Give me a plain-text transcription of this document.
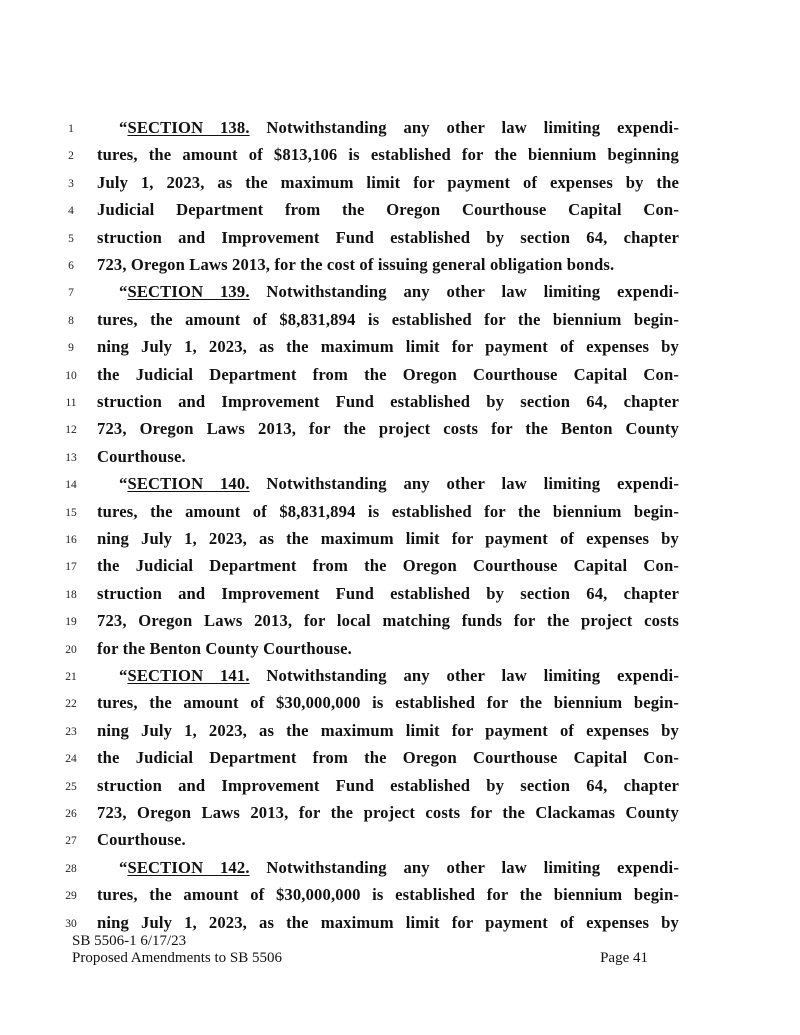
1	“SECTION 138. Notwithstanding any other law limiting expendi-
2	tures, the amount of $813,106 is established for the biennium beginning
3	July 1, 2023, as the maximum limit for payment of expenses by the
4	Judicial Department from the Oregon Courthouse Capital Con-
5	struction and Improvement Fund established by section 64, chapter
6	723, Oregon Laws 2013, for the cost of issuing general obligation bonds.
7	“SECTION 139. Notwithstanding any other law limiting expendi-
8	tures, the amount of $8,831,894 is established for the biennium begin-
9	ning July 1, 2023, as the maximum limit for payment of expenses by
10	the Judicial Department from the Oregon Courthouse Capital Con-
11	struction and Improvement Fund established by section 64, chapter
12	723, Oregon Laws 2013, for the project costs for the Benton County
13	Courthouse.
14	“SECTION 140. Notwithstanding any other law limiting expendi-
15	tures, the amount of $8,831,894 is established for the biennium begin-
16	ning July 1, 2023, as the maximum limit for payment of expenses by
17	the Judicial Department from the Oregon Courthouse Capital Con-
18	struction and Improvement Fund established by section 64, chapter
19	723, Oregon Laws 2013, for local matching funds for the project costs
20	for the Benton County Courthouse.
21	“SECTION 141. Notwithstanding any other law limiting expendi-
22	tures, the amount of $30,000,000 is established for the biennium begin-
23	ning July 1, 2023, as the maximum limit for payment of expenses by
24	the Judicial Department from the Oregon Courthouse Capital Con-
25	struction and Improvement Fund established by section 64, chapter
26	723, Oregon Laws 2013, for the project costs for the Clackamas County
27	Courthouse.
28	“SECTION 142. Notwithstanding any other law limiting expendi-
29	tures, the amount of $30,000,000 is established for the biennium begin-
30	ning July 1, 2023, as the maximum limit for payment of expenses by
SB 5506-1 6/17/23
Proposed Amendments to SB 5506	Page 41
